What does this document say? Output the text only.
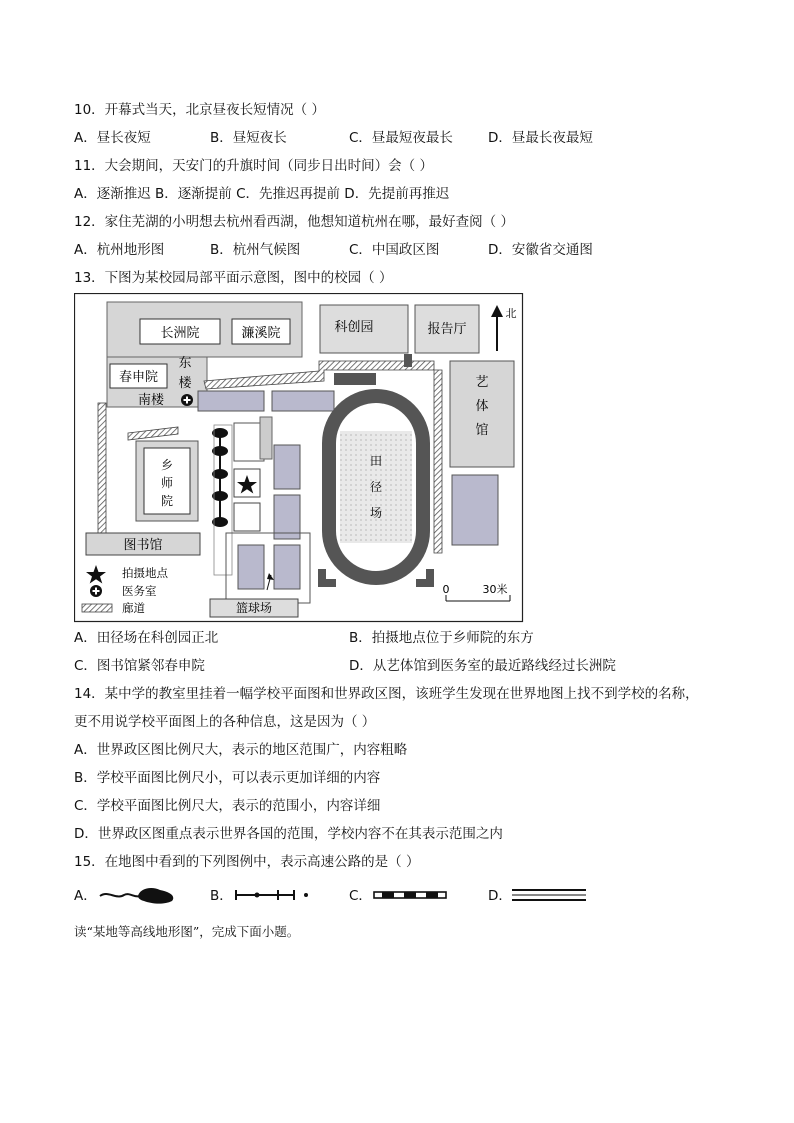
10．开幕式当天，北京昼夜长短情况（ ）
A．昼长夜短	B．昼短夜长	C．昼最短夜最长	D．昼最长夜最短
11．大会期间，天安门的升旗时间（同步日出时间）会（ ）
A．逐渐推迟 B．逐渐提前 C．先推迟再提前 D．先提前再推迟
12．家住芜湖的小明想去杭州看西湖，他想知道杭州在哪，最好查阅（ ）
A．杭州地形图	B．杭州气候图	C．中国政区图	D．安徽省交通图
13．下图为某校园局部平面示意图，图中的校园（ ）
长洲院	濂溪院
春申院
东
楼
南楼
科创园	报告厅
北
艺
体
馆
乡
师
院
图书馆
田
径
场
篮球场
拍摄地点
医务室
廊道
0	30米
A．田径场在科创园正北	B．拍摄地点位于乡师院的东方
C．图书馆紧邻春申院	D．从艺体馆到医务室的最近路线经过长洲院
14．某中学的教室里挂着一幅学校平面图和世界政区图，该班学生发现在世界地图上找不到学校的名称，
更不用说学校平面图上的各种信息，这是因为（ ）
A．世界政区图比例尺大，表示的地区范围广，内容粗略
B．学校平面图比例尺小，可以表示更加详细的内容
C．学校平面图比例尺大，表示的范围小，内容详细
D．世界政区图重点表示世界各国的范围，学校内容不在其表示范围之内
15．在地图中看到的下列图例中，表示高速公路的是（ ）
A．	B．	C．	D．
读“某地等高线地形图”，完成下面小题。
